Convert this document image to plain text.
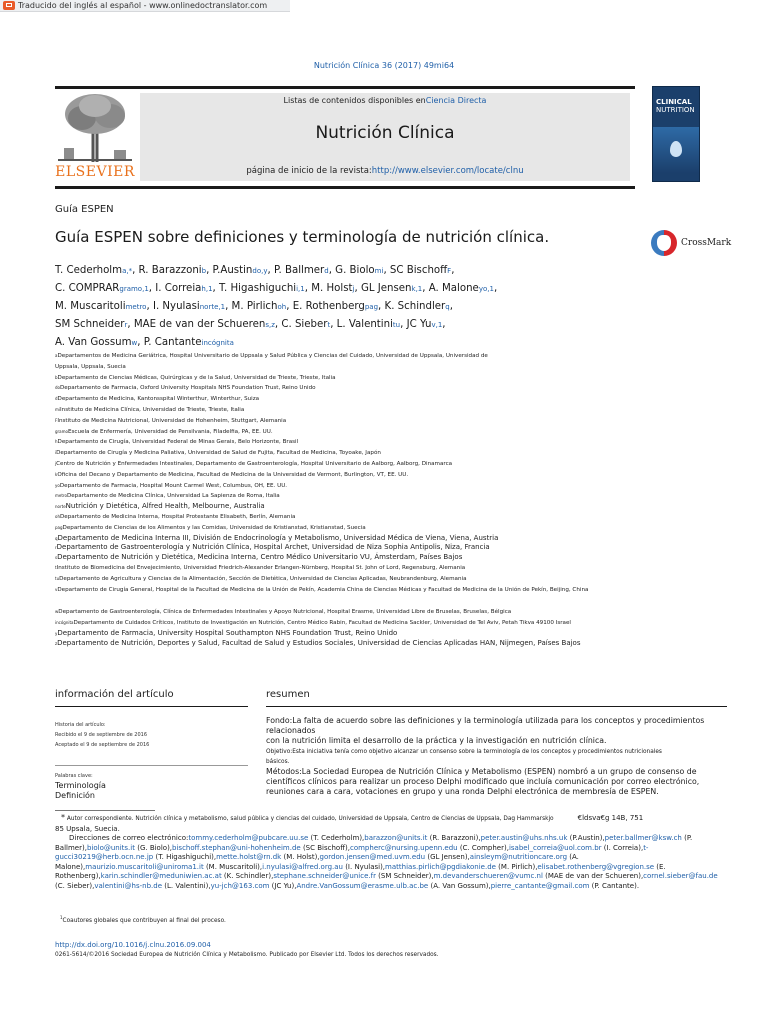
Traducido del inglés al español - www.onlinedoctranslator.com
Nutrición Clínica 36 (2017) 49mi64
ELSEVIER
Listas de contenidos disponibles enCiencia Directa
Nutrición Clínica
página de inicio de la revista:http://www.elsevier.com/locate/clnu
CLINICAL
NUTRITION
Guía ESPEN
Guía ESPEN sobre definiciones y terminología de nutrición clínica.	CrossMark
T. Cederholma,*, R. Barazzonib, P.Austindo,y, P. Ballmerd, G. Biolomi, SC BischoffF,
C. COMPRARgramo,1, I. Correiah,1, T. Higashiguchii,1, M. Holstj, GL Jensenk,1, A. Maloneyo,1,
M. Muscaritolimetro, I. Nyulasinorte,1, M. Pirlichoh, E. Rothenbergpag, K. Schindlerq,
SM Schneiderr, MAE de van der Schuerens,z, C. Siebert, L. Valentinitu, JC Yuv,1,
A. Van Gossumw, P. Cantanteincógnita
aDepartamentos de Medicina Geriátrica, Hospital Universitario de Uppsala y Salud Pública y Ciencias del Cuidado, Universidad de Uppsala, Universidad de
Uppsala, Uppsala, Suecia
bDepartamento de Ciencias Médicas, Quirúrgicas y de la Salud, Universidad de Trieste, Trieste, Italia
doDepartamento de Farmacia, Oxford University Hospitals NHS Foundation Trust, Reino Unido
dDepartamento de Medicina, Kantonsspital Winterthur, Winterthur, Suiza
miInstituto de Medicina Clínica, Universidad de Trieste, Trieste, Italia
FInstituto de Medicina Nutricional, Universidad de Hohenheim, Stuttgart, Alemania
gramoEscuela de Enfermería, Universidad de Pensilvania, Filadelfia, PA, EE. UU.
hDepartamento de Cirugía, Universidad Federal de Minas Gerais, Belo Horizonte, Brasil
iDepartamento de Cirugía y Medicina Paliativa, Universidad de Salud de Fujita, Facultad de Medicina, Toyoake, Japón
jCentro de Nutrición y Enfermedades Intestinales, Departamento de Gastroenterología, Hospital Universitario de Aalborg, Aalborg, Dinamarca
kOficina del Decano y Departamento de Medicina, Facultad de Medicina de la Universidad de Vermont, Burlington, VT, EE. UU.
yoDepartamento de Farmacia, Hospital Mount Carmel West, Columbus, OH, EE. UU.
metroDepartamento de Medicina Clínica, Universidad La Sapienza de Roma, Italia
norteNutrición y Dietética, Alfred Health, Melbourne, Australia
ohDepartamento de Medicina Interna, Hospital Protestante Elisabeth, Berlín, Alemania
pagDepartamento de Ciencias de los Alimentos y las Comidas, Universidad de Kristianstad, Kristianstad, Suecia
qDepartamento de Medicina Interna III, División de Endocrinología y Metabolismo, Universidad Médica de Viena, Viena, Austria
rDepartamento de Gastroenterología y Nutrición Clínica, Hospital Archet, Universidad de Niza Sophia Antipolis, Niza, Francia
sDepartamento de Nutrición y Dietética, Medicina Interna, Centro Médico Universitario VU, Ámsterdam, Países Bajos
tInstituto de Biomedicina del Envejecimiento, Universidad Friedrich-Alexander Erlangen-Nürnberg, Hospital St. John of Lord, Regensburg, Alemania
tuDepartamento de Agricultura y Ciencias de la Alimentación, Sección de Dietética, Universidad de Ciencias Aplicadas, Neubrandenburg, Alemania
vDepartamento de Cirugía General, Hospital de la Facultad de Medicina de la Unión de Pekín, Academia China de Ciencias Médicas y Facultad de Medicina de la Unión de Pekín, Beijing, China
wDepartamento de Gastroenterología, Clínica de Enfermedades Intestinales y Apoyo Nutricional, Hospital Erasme, Universidad Libre de Bruselas, Bruselas, Bélgica
incógnitaDepartamento de Cuidados Críticos, Instituto de Investigación en Nutrición, Centro Médico Rabin, Facultad de Medicina Sackler, Universidad de Tel Aviv, Petah Tikva 49100 Israel
yDepartamento de Farmacia, University Hospital Southampton NHS Foundation Trust, Reino Unido
zDepartamento de Nutrición, Deportes y Salud, Facultad de Salud y Estudios Sociales, Universidad de Ciencias Aplicadas HAN, Nijmegen, Países Bajos
información del artículo	resumen
Historia del artículo:
Recibido el 9 de septiembre de 2016
Aceptado el 9 de septiembre de 2016
Palabras clave:
Terminología
Definición
Fondo:La falta de acuerdo sobre las definiciones y la terminología utilizada para los conceptos y procedimientos relacionados
con la nutrición limita el desarrollo de la práctica y la investigación en nutrición clínica.
Objetivo:Esta iniciativa tenía como objetivo alcanzar un consenso sobre la terminología de los conceptos y procedimientos nutricionales
básicos.
Métodos:La Sociedad Europea de Nutrición Clínica y Metabolismo (ESPEN) nombró a un grupo de consenso de
científicos clínicos para realizar un proceso Delphi modificado que incluía comunicación por correo electrónico,
reuniones cara a cara, votaciones en grupo y una ronda Delphi electrónica de membresía de ESPEN.
* Autor correspondiente. Nutrición clínica y metabolismo, salud pública y ciencias del cuidado, Universidad de Uppsala, Centro de Ciencias de Uppsala, Dag Hammarskjo	€ldsva€g 14B, 751
85 Upsala, Suecia.
Direcciones de correo electrónico:tommy.cederholm@pubcare.uu.se (T. Cederholm),barazzon@units.it (R. Barazzoni),peter.austin@uhs.nhs.uk (P.Austin),peter.ballmer@ksw.ch (P. Ballmer),biolo@units.it (G. Biolo),bischoff.stephan@uni-hohenheim.de (SC Bischoff),compherc@nursing.upenn.edu (C. Compher),isabel_correia@uol.com.br (I. Correia),t-gucci30219@herb.ocn.ne.jp (T. Higashiguchi),mette.holst@rn.dk (M. Holst),gordon.jensen@med.uvm.edu (GL Jensen),ainsleym@nutritioncare.org (A. Malone),maurizio.muscaritoli@uniroma1.it (M. Muscaritoli),i.nyulasi@alfred.org.au (I. Nyulasi),matthias.pirlich@pgdiakonie.de (M. Pirlich),elisabet.rothenberg@vgregion.se (E. Rothenberg),karin.schindler@meduniwien.ac.at (K. Schindler),stephane.schneider@unice.fr (SM Schneider),m.devanderschueren@vumc.nl (MAE de van der Schueren),cornel.sieber@fau.de (C. Sieber),valentini@hs-nb.de (L. Valentini),yu-jch@163.com (JC Yu),Andre.VanGossum@erasme.ulb.ac.be (A. Van Gossum),pierre_cantante@gmail.com (P. Cantante).
$^1$Coautores globales que contribuyen al final del proceso.
http://dx.doi.org/10.1016/j.clnu.2016.09.004
0261-5614/©2016 Sociedad Europea de Nutrición Clínica y Metabolismo. Publicado por Elsevier Ltd. Todos los derechos reservados.
